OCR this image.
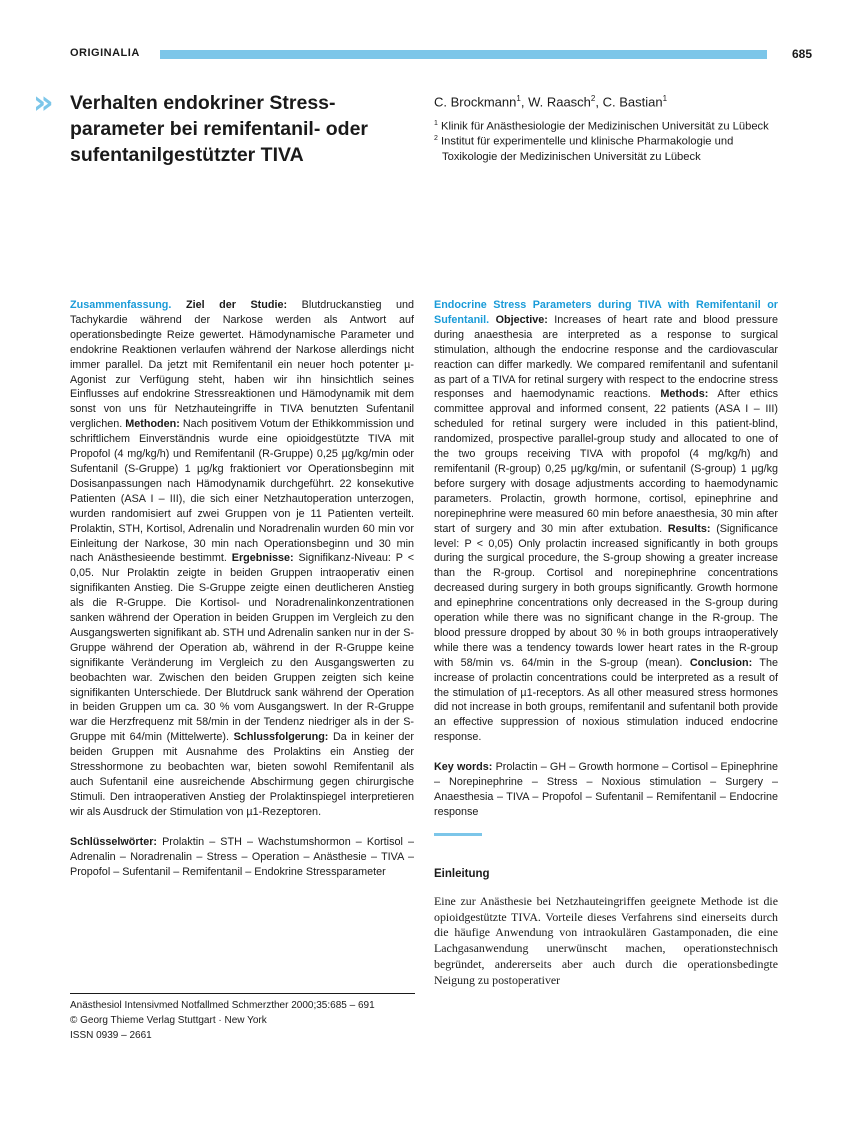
ORIGINALIA	685
» Verhalten endokriner Stress-
parameter bei remifentanil- oder
sufentanilgestützter TIVA
C. Brockmann$^1$, W. Raasch$^2$, C. Bastian$^1$
$^1$ Klinik für Anästhesiologie der Medizinischen Universität zu Lübeck
$^2$ Institut für experimentelle und klinische Pharmakologie und
Toxikologie der Medizinischen Universität zu Lübeck
Zusammenfassung. Ziel der Studie: Blutdruckanstieg und Tachykardie während der Narkose werden als Antwort auf operationsbedingte Reize gewertet. Hämodynamische Parameter und endokrine Reaktionen verlaufen während der Narkose allerdings nicht immer parallel. Da jetzt mit Remifentanil ein neuer hoch potenter µ-Agonist zur Verfügung steht, haben wir ihn hinsichtlich seines Einflusses auf endokrine Stressreaktionen und Hämodynamik mit dem sonst von uns für Netzhauteingriffe in TIVA benutzten Sufentanil verglichen. Methoden: Nach positivem Votum der Ethikkommission und schriftlichem Einverständnis wurde eine opioidgestützte TIVA mit Propofol (4 mg/kg/h) und Remifentanil (R-Gruppe) 0,25 µg/kg/min oder Sufentanil (S-Gruppe) 1 µg/kg fraktioniert vor Operationsbeginn mit Dosisanpassungen nach Hämodynamik durchgeführt. 22 konsekutive Patienten (ASA I – III), die sich einer Netzhautoperation unterzogen, wurden randomisiert auf zwei Gruppen von je 11 Patienten verteilt. Prolaktin, STH, Kortisol, Adrenalin und Noradrenalin wurden 60 min vor Einleitung der Narkose, 30 min nach Operationsbeginn und 30 min nach Anästhesieende bestimmt. Ergebnisse: Signifikanz-Niveau: P < 0,05. Nur Prolaktin zeigte in beiden Gruppen intraoperativ einen signifikanten Anstieg. Die S-Gruppe zeigte einen deutlicheren Anstieg als die R-Gruppe. Die Kortisol- und Noradrenalinkonzentrationen sanken während der Operation in beiden Gruppen im Vergleich zu den Ausgangswerten signifikant ab. STH und Adrenalin sanken nur in der S-Gruppe während der Operation ab, während in der R-Gruppe keine signifikante Veränderung im Vergleich zu den Ausgangswerten zu beobachten war. Zwischen den beiden Gruppen zeigten sich keine signifikanten Unterschiede. Der Blutdruck sank während der Operation in beiden Gruppen um ca. 30 % vom Ausgangswert. In der R-Gruppe war die Herzfrequenz mit 58/min in der Tendenz niedriger als in der S-Gruppe mit 64/min (Mittelwerte). Schlussfolgerung: Da in keiner der beiden Gruppen mit Ausnahme des Prolaktins ein Anstieg der Stresshormone zu beobachten war, bieten sowohl Remifentanil als auch Sufentanil eine ausreichende Abschirmung gegen chirurgische Stimuli. Den intraoperativen Anstieg der Prolaktinspiegel interpretieren wir als Ausdruck der Stimulation von µ1-Rezeptoren.
Schlüsselwörter: Prolaktin – STH – Wachstumshormon – Kortisol – Adrenalin – Noradrenalin – Stress – Operation – Anästhesie – TIVA – Propofol – Sufentanil – Remifentanil – Endokrine Stressparameter
Endocrine Stress Parameters during TIVA with Remifentanil or Sufentanil. Objective: Increases of heart rate and blood pressure during anaesthesia are interpreted as a response to surgical stimulation, although the endocrine response and the cardiovascular reaction can differ markedly. We compared remifentanil and sufentanil as part of a TIVA for retinal surgery with respect to the endocrine stress responses and haemodynamic reactions. Methods: After ethics committee approval and informed consent, 22 patients (ASA I – III) scheduled for retinal surgery were included in this patient-blind, randomized, prospective parallel-group study and allocated to one of the two groups receiving TIVA with propofol (4 mg/kg/h) and remifentanil (R-group) 0,25 µg/kg/min, or sufentanil (S-group) 1 µg/kg before surgery with dosage adjustments according to haemodynamic parameters. Prolactin, growth hormone, cortisol, epinephrine and norepinephrine were measured 60 min before anaesthesia, 30 min after start of surgery and 30 min after extubation. Results: (Significance level: P < 0,05) Only prolactin increased significantly in both groups during the surgical procedure, the S-group showing a greater increase than the R-group. Cortisol and norepinephrine concentrations decreased during surgery in both groups significantly. Growth hormone and epinephrine concentrations only decreased in the S-group during operation while there was no significant change in the R-group. The blood pressure dropped by about 30 % in both groups intraoperatively while there was a tendency towards lower heart rates in the R-group with 58/min vs. 64/min in the S-group (mean). Conclusion: The increase of prolactin concentrations could be interpreted as a result of the stimulation of µ1-receptors. As all other measured stress hormones did not increase in both groups, remifentanil and sufentanil both provide an effective suppression of noxious stimulation induced endocrine response.
Key words: Prolactin – GH – Growth hormone – Cortisol – Epinephrine – Norepinephrine – Stress – Noxious stimulation – Surgery – Anaesthesia – TIVA – Propofol – Sufentanil – Remifentanil – Endocrine response
Einleitung
Eine zur Anästhesie bei Netzhauteingriffen geeignete Methode ist die opioidgestützte TIVA. Vorteile dieses Verfahrens sind einerseits durch die häufige Anwendung von intraokulären Gastamponaden, die eine Lachgasanwendung unerwünscht machen, operationstechnisch begründet, andererseits aber auch durch die operationsbedingte Neigung zu postoperativer
Anästhesiol Intensivmed Notfallmed Schmerzther 2000;35:685 – 691
© Georg Thieme Verlag Stuttgart · New York
ISSN 0939 – 2661
